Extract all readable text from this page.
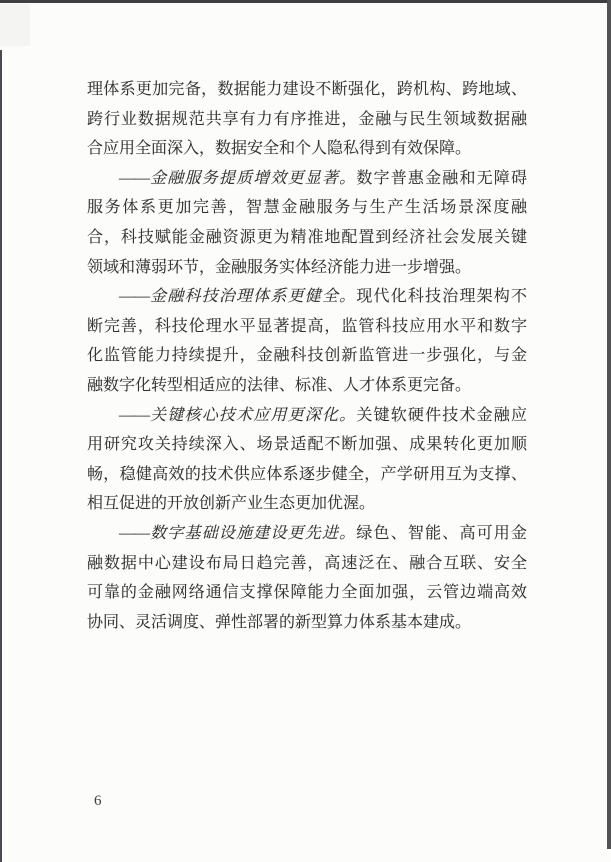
理体系更加完备，数据能力建设不断强化，跨机构、跨地域、
跨行业数据规范共享有力有序推进，金融与民生领域数据融
合应用全面深入，数据安全和个人隐私得到有效保障。
——金融服务提质增效更显著。数字普惠金融和无障碍
服务体系更加完善，智慧金融服务与生产生活场景深度融
合，科技赋能金融资源更为精准地配置到经济社会发展关键
领域和薄弱环节，金融服务实体经济能力进一步增强。
——金融科技治理体系更健全。现代化科技治理架构不
断完善，科技伦理水平显著提高，监管科技应用水平和数字
化监管能力持续提升，金融科技创新监管进一步强化，与金
融数字化转型相适应的法律、标准、人才体系更完备。
——关键核心技术应用更深化。关键软硬件技术金融应
用研究攻关持续深入、场景适配不断加强、成果转化更加顺
畅，稳健高效的技术供应体系逐步健全，产学研用互为支撑、
相互促进的开放创新产业生态更加优渥。
——数字基础设施建设更先进。绿色、智能、高可用金
融数据中心建设布局日趋完善，高速泛在、融合互联、安全
可靠的金融网络通信支撑保障能力全面加强，云管边端高效
协同、灵活调度、弹性部署的新型算力体系基本建成。
6
